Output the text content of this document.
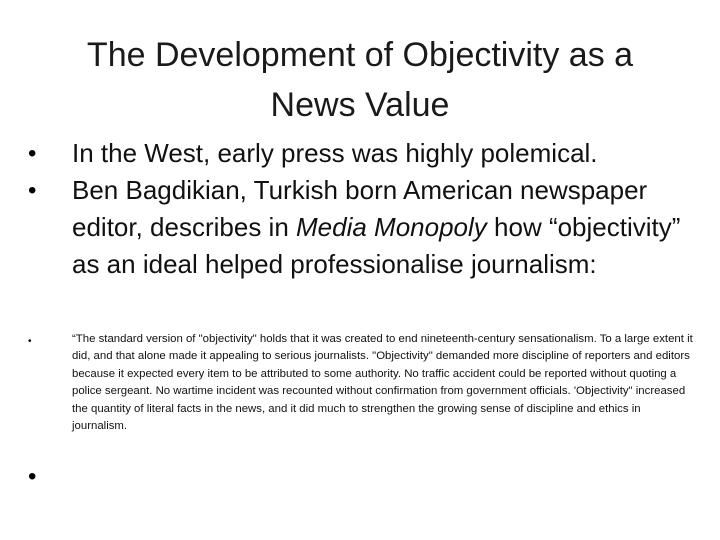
The Development of Objectivity as a
News Value
• In the West, early press was highly polemical.
• Ben Bagdikian, Turkish born American newspaper editor, describes in Media Monopoly how “objectivity” as an ideal helped professionalise journalism:
•	“The standard version of "objectivity" holds that it was created to end nineteenth-century sensationalism. To a large extent it did, and that alone made it appealing to serious journalists. "Objectivity" demanded more discipline of reporters and editors because it expected every item to be attributed to some authority. No traffic accident could be reported without quoting a police sergeant. No wartime incident was recounted without confirmation from government officials. 'Objectivity" increased the quantity of literal facts in the news, and it did much to strengthen the growing sense of discipline and ethics in journalism.
•
